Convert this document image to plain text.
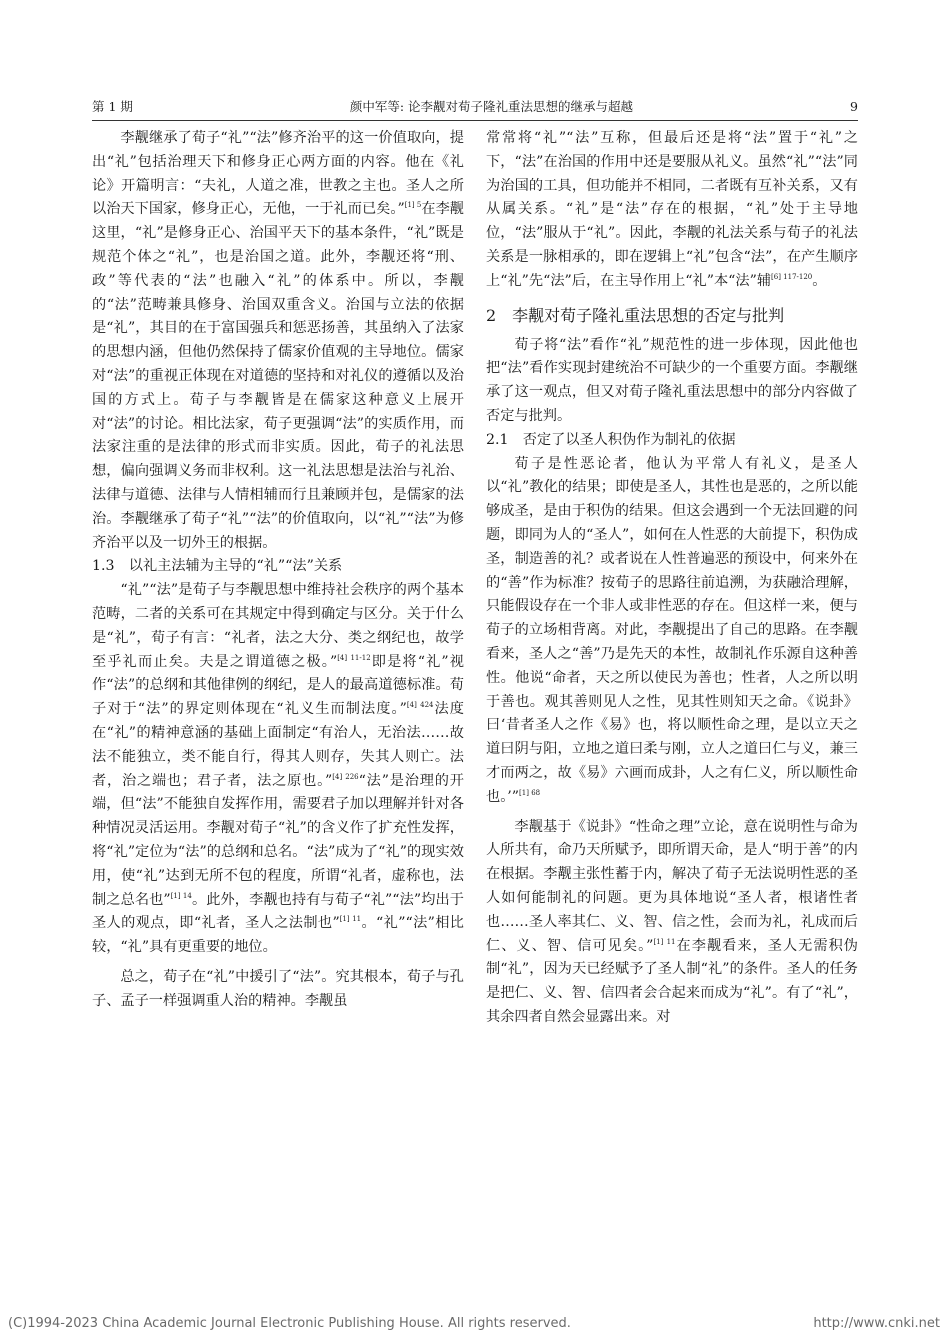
第 1 期	颜中军等: 论李觏对荀子隆礼重法思想的继承与超越	9

李觏继承了荀子“礼”“法”修齐治平的这一价值取向，提出“礼”包括治理天下和修身正心两方面的内容。他在《礼论》开篇明言：“夫礼，人道之准，世教之主也。圣人之所以治天下国家，修身正心，无他，一于礼而已矣。”$^{[1] 5}$在李觏这里，“礼”是修身正心、治国平天下的基本条件，“礼”既是规范个体之“礼”，也是治国之道。此外，李觏还将“刑、政”等代表的“法”也融入“礼”的体系中。所以，李觏的“法”范畴兼具修身、治国双重含义。治国与立法的依据是“礼”，其目的在于富国强兵和惩恶扬善，其虽纳入了法家的思想内涵，但他仍然保持了儒家价值观的主导地位。儒家对“法”的重视正体现在对道德的坚持和对礼仪的遵循以及治国的方式上。荀子与李觏皆是在儒家这种意义上展开对“法”的讨论。相比法家，荀子更强调“法”的实质作用，而法家注重的是法律的形式而非实质。因此，荀子的礼法思想，偏向强调义务而非权利。这一礼法思想是法治与礼治、法律与道德、法律与人情相辅而行且兼顾并包，是儒家的法治。李觏继承了荀子“礼”“法”的价值取向，以“礼”“法”为修齐治平以及一切外王的根据。

1.3　以礼主法辅为主导的“礼”“法”关系

“礼”“法”是荀子与李觏思想中维持社会秩序的两个基本范畴，二者的关系可在其规定中得到确定与区分。关于什么是“礼”，荀子有言：“礼者，法之大分、类之纲纪也，故学至乎礼而止矣。夫是之谓道德之极。”$^{[4] 11-12}$即是将“礼”视作“法”的总纲和其他律例的纲纪，是人的最高道德标准。荀子对于“法”的界定则体现在“礼义生而制法度。”$^{[4] 424}$法度在“礼”的精神意涵的基础上面制定“有治人，无治法……故法不能独立，类不能自行，得其人则存，失其人则亡。法者，治之端也；君子者，法之原也。”$^{[4] 226}$“法”是治理的开端，但“法”不能独自发挥作用，需要君子加以理解并针对各种情况灵活运用。李觏对荀子“礼”的含义作了扩充性发挥，将“礼”定位为“法”的总纲和总名。“法”成为了“礼”的现实效用，使“礼”达到无所不包的程度，所谓“礼者，虚称也，法制之总名也”$^{[1] 14}$。此外，李觏也持有与荀子“礼”“法”均出于圣人的观点，即“礼者，圣人之法制也”$^{[1] 11}$。“礼”“法”相比较，“礼”具有更重要的地位。

总之，荀子在“礼”中援引了“法”。究其根本，荀子与孔子、孟子一样强调重人治的精神。李觏虽

常常将“礼”“法”互称，但最后还是将“法”置于“礼”之下，“法”在治国的作用中还是要服从礼义。虽然“礼”“法”同为治国的工具，但功能并不相同，二者既有互补关系，又有从属关系。“礼”是“法”存在的根据，“礼”处于主导地位，“法”服从于“礼”。因此，李觏的礼法关系与荀子的礼法关系是一脉相承的，即在逻辑上“礼”包含“法”，在产生顺序上“礼”先“法”后，在主导作用上“礼”本“法”辅$^{[6] 117-120}$。

2　李觏对荀子隆礼重法思想的否定与批判

荀子将“法”看作“礼”规范性的进一步体现，因此他也把“法”看作实现封建统治不可缺少的一个重要方面。李觏继承了这一观点，但又对荀子隆礼重法思想中的部分内容做了否定与批判。

2.1　否定了以圣人积伪作为制礼的依据

荀子是性恶论者，他认为平常人有礼义，是圣人以“礼”教化的结果；即使是圣人，其性也是恶的，之所以能够成圣，是由于积伪的结果。但这会遇到一个无法回避的问题，即同为人的“圣人”，如何在人性恶的大前提下，积伪成圣，制造善的礼？或者说在人性普遍恶的预设中，何来外在的“善”作为标准？按荀子的思路往前追溯，为获融洽理解，只能假设存在一个非人或非性恶的存在。但这样一来，便与荀子的立场相背离。对此，李觏提出了自己的思路。在李觏看来，圣人之“善”乃是先天的本性，故制礼作乐源自这种善性。他说“命者，天之所以使民为善也；性者，人之所以明于善也。观其善则见人之性，见其性则知天之命。《说卦》曰‘昔者圣人之作《易》也，将以顺性命之理，是以立天之道曰阴与阳，立地之道曰柔与刚，立人之道曰仁与义，兼三才而两之，故《易》六画而成卦，人之有仁义，所以顺性命也。’”$^{[1] 68}$

李觏基于《说卦》“性命之理”立论，意在说明性与命为人所共有，命乃天所赋予，即所谓天命，是人“明于善”的内在根据。李觏主张性蓄于内，解决了荀子无法说明性恶的圣人如何能制礼的问题。更为具体地说“圣人者，根诸性者也……圣人率其仁、义、智、信之性，会而为礼，礼成而后仁、义、智、信可见矣。”$^{[1] 11}$在李觏看来，圣人无需积伪制“礼”，因为天已经赋予了圣人制“礼”的条件。圣人的任务是把仁、义、智、信四者会合起来而成为“礼”。有了“礼”，其余四者自然会显露出来。对

(C)1994-2023 China Academic Journal Electronic Publishing House. All rights reserved.	http://www.cnki.net
